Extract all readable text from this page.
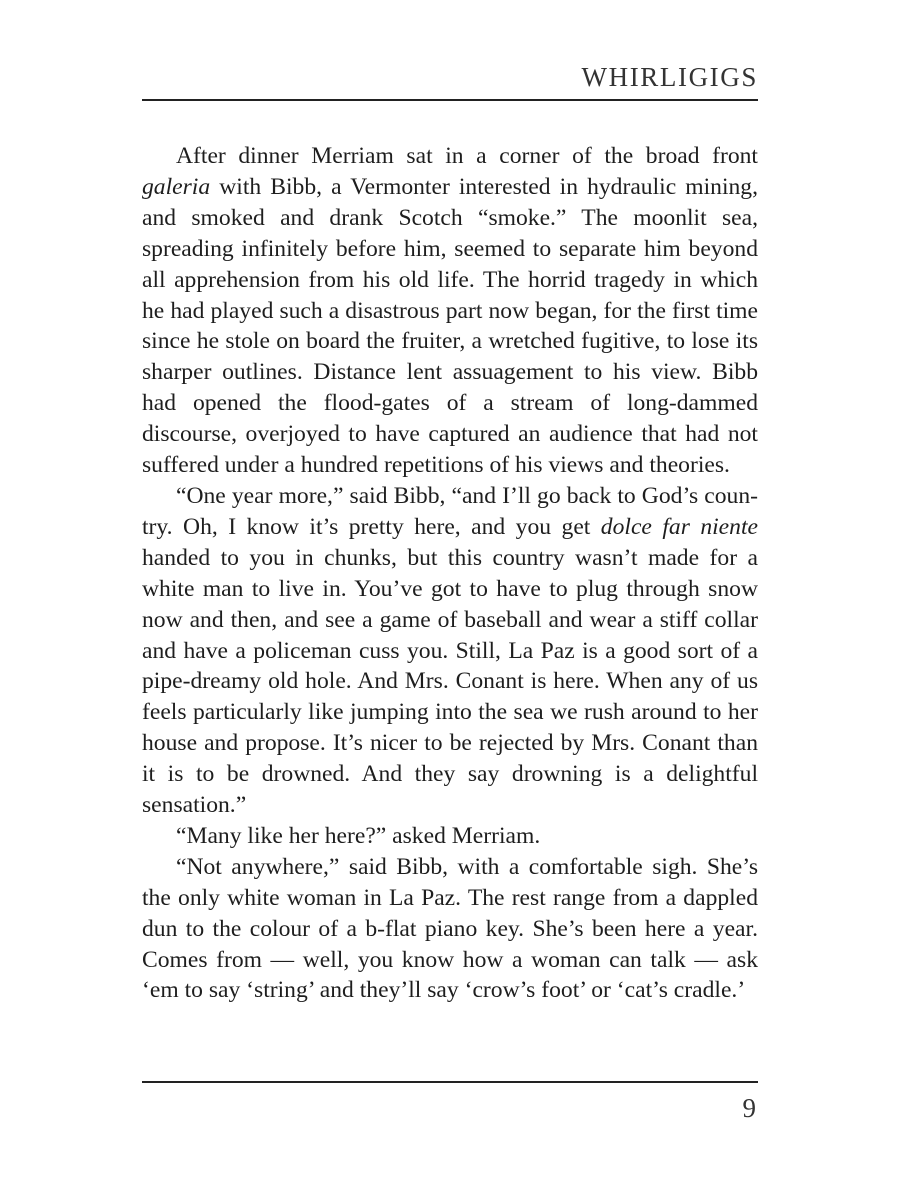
WHIRLIGIGS

After dinner Merriam sat in a corner of the broad front galeria with Bibb, a Vermonter interested in hydraulic mining, and smoked and drank Scotch “smoke.” The moonlit sea, spreading infinitely before him, seemed to separate him beyond all apprehension from his old life. The horrid tragedy in which he had played such a disastrous part now began, for the first time since he stole on board the fruiter, a wretched fugitive, to lose its sharper outlines. Distance lent assuagement to his view. Bibb had opened the flood-gates of a stream of long-dammed discourse, overjoyed to have captured an audience that had not suffered under a hundred repetitions of his views and theories.

“One year more,” said Bibb, “and I’ll go back to God’s country. Oh, I know it’s pretty here, and you get dolce far niente handed to you in chunks, but this country wasn’t made for a white man to live in. You’ve got to have to plug through snow now and then, and see a game of baseball and wear a stiff collar and have a policeman cuss you. Still, La Paz is a good sort of a pipe-dreamy old hole. And Mrs. Conant is here. When any of us feels particularly like jumping into the sea we rush around to her house and propose. It’s nicer to be rejected by Mrs. Conant than it is to be drowned. And they say drowning is a delightful sensation.”

“Many like her here?” asked Merriam.

“Not anywhere,” said Bibb, with a comfortable sigh. She’s the only white woman in La Paz. The rest range from a dappled dun to the colour of a b-flat piano key. She’s been here a year. Comes from — well, you know how a woman can talk — ask ‘em to say ‘string’ and they’ll say ‘crow’s foot’ or ‘cat’s cradle.’

9
